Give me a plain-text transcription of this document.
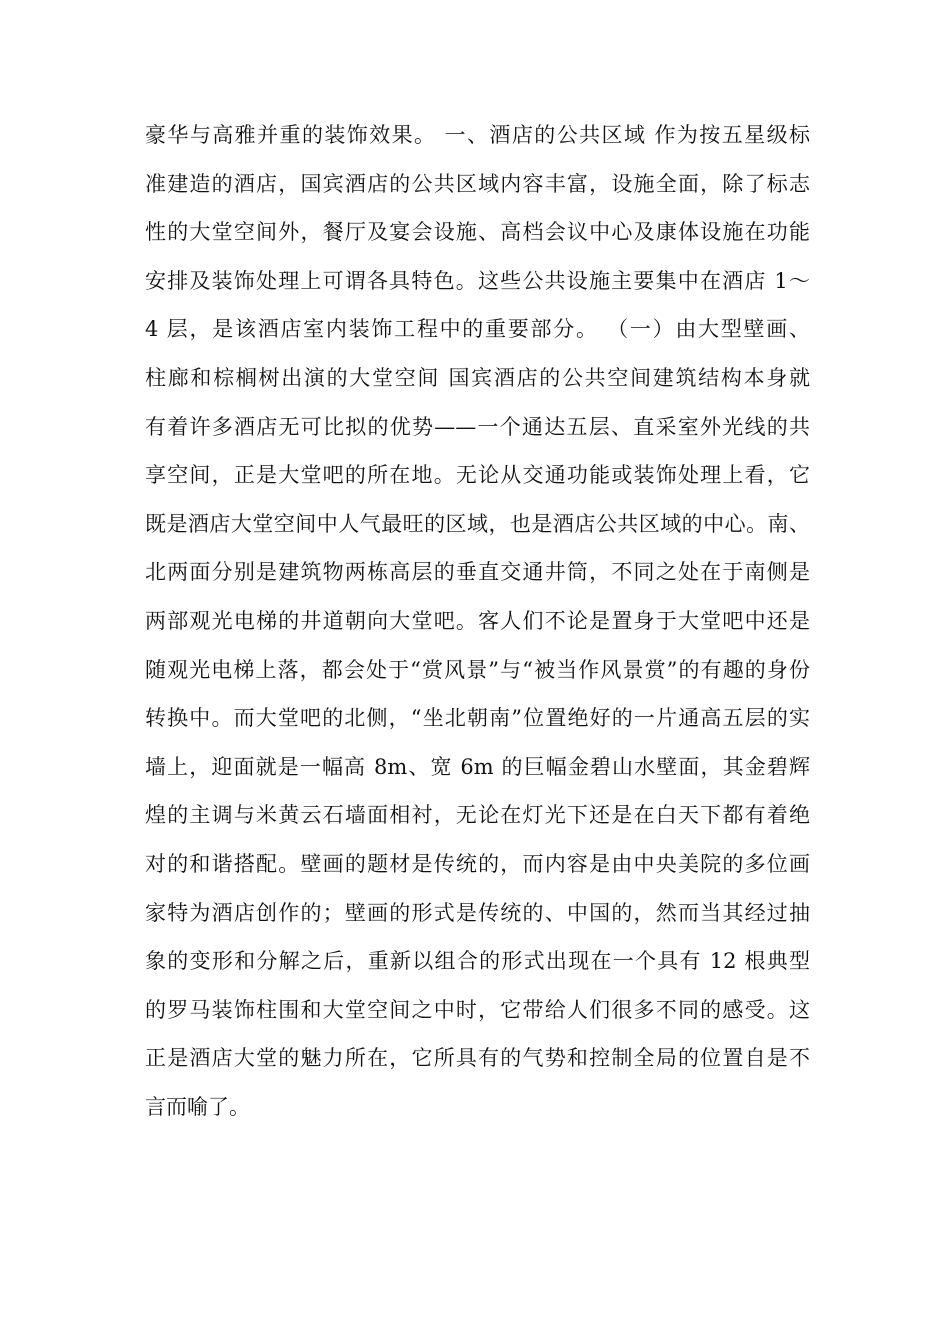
豪华与高雅并重的装饰效果。 一、酒店的公共区域 作为按五星级标
准建造的酒店，国宾酒店的公共区域内容丰富，设施全面，除了标志
性的大堂空间外，餐厅及宴会设施、高档会议中心及康体设施在功能
安排及装饰处理上可谓各具特色。这些公共设施主要集中在酒店 1～
4 层，是该酒店室内装饰工程中的重要部分。 （一）由大型壁画、
柱廊和棕榈树出演的大堂空间 国宾酒店的公共空间建筑结构本身就
有着许多酒店无可比拟的优势——一个通达五层、直采室外光线的共
享空间，正是大堂吧的所在地。无论从交通功能或装饰处理上看，它
既是酒店大堂空间中人气最旺的区域，也是酒店公共区域的中心。南、
北两面分别是建筑物两栋高层的垂直交通井筒，不同之处在于南侧是
两部观光电梯的井道朝向大堂吧。客人们不论是置身于大堂吧中还是
随观光电梯上落，都会处于“赏风景”与“被当作风景赏”的有趣的身份
转换中。而大堂吧的北侧，“坐北朝南”位置绝好的一片通高五层的实
墙上，迎面就是一幅高 8m、宽 6m 的巨幅金碧山水壁面，其金碧辉
煌的主调与米黄云石墙面相衬，无论在灯光下还是在白天下都有着绝
对的和谐搭配。壁画的题材是传统的，而内容是由中央美院的多位画
家特为酒店创作的；壁画的形式是传统的、中国的，然而当其经过抽
象的变形和分解之后，重新以组合的形式出现在一个具有 12 根典型
的罗马装饰柱围和大堂空间之中时，它带给人们很多不同的感受。这
正是酒店大堂的魅力所在，它所具有的气势和控制全局的位置自是不
言而喻了。
